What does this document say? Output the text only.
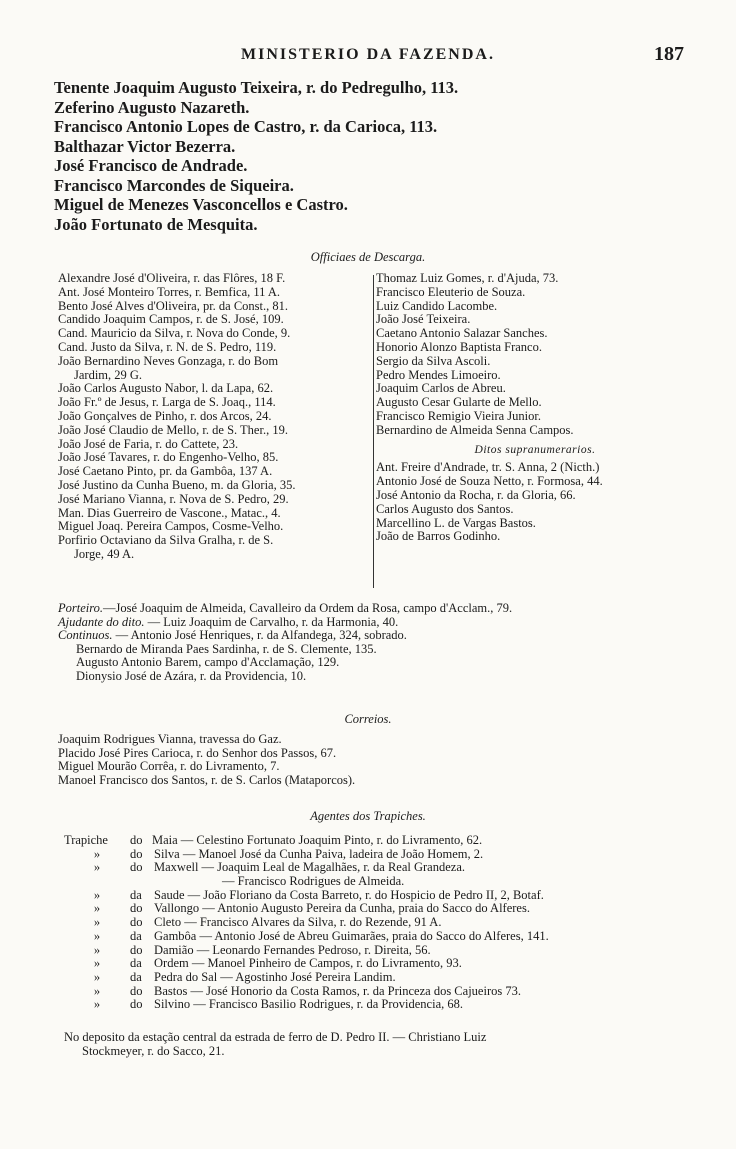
MINISTERIO DA FAZENDA.	187
Tenente Joaquim Augusto Teixeira, r. do Pedregulho, 113.
Zeferino Augusto Nazareth.
Francisco Antonio Lopes de Castro, r. da Carioca, 113.
Balthazar Victor Bezerra.
José Francisco de Andrade.
Francisco Marcondes de Siqueira.
Miguel de Menezes Vasconcellos e Castro.
João Fortunato de Mesquita.
Officiaes de Descarga.
Alexandre José d'Oliveira, r. das Flôres, 18 F.
Ant. José Monteiro Torres, r. Bemfica, 11 A.
Bento José Alves d'Oliveira, pr. da Const., 81.
Candido Joaquim Campos, r. de S. José, 109.
Cand. Mauricio da Silva, r. Nova do Conde, 9.
Cand. Justo da Silva, r. N. de S. Pedro, 119.
João Bernardino Neves Gonzaga, r. do Bom
Jardim, 29 G.
João Carlos Augusto Nabor, l. da Lapa, 62.
João Fr.º de Jesus, r. Larga de S. Joaq., 114.
João Gonçalves de Pinho, r. dos Arcos, 24.
João José Claudio de Mello, r. de S. Ther., 19.
João José de Faria, r. do Cattete, 23.
João José Tavares, r. do Engenho-Velho, 85.
José Caetano Pinto, pr. da Gambôa, 137 A.
José Justino da Cunha Bueno, m. da Gloria, 35.
José Mariano Vianna, r. Nova de S. Pedro, 29.
Man. Dias Guerreiro de Vascone., Matac., 4.
Miguel Joaq. Pereira Campos, Cosme-Velho.
Porfirio Octaviano da Silva Gralha, r. de S.
Jorge, 49 A.
Thomaz Luiz Gomes, r. d'Ajuda, 73.
Francisco Eleuterio de Souza.
Luiz Candido Lacombe.
João José Teixeira.
Caetano Antonio Salazar Sanches.
Honorio Alonzo Baptista Franco.
Sergio da Silva Ascoli.
Pedro Mendes Limoeiro.
Joaquim Carlos de Abreu.
Augusto Cesar Gularte de Mello.
Francisco Remigio Vieira Junior.
Bernardino de Almeida Senna Campos.
Ditos supranumerarios.
Ant. Freire d'Andrade, tr. S. Anna, 2 (Nicth.)
Antonio José de Souza Netto, r. Formosa, 44.
José Antonio da Rocha, r. da Gloria, 66.
Carlos Augusto dos Santos.
Marcellino L. de Vargas Bastos.
João de Barros Godinho.
Porteiro.—José Joaquim de Almeida, Cavalleiro da Ordem da Rosa, campo d'Acclam., 79.
Ajudante do dito. — Luiz Joaquim de Carvalho, r. da Harmonia, 40.
Continuos. — Antonio José Henriques, r. da Alfandega, 324, sobrado.
Bernardo de Miranda Paes Sardinha, r. de S. Clemente, 135.
Augusto Antonio Barem, campo d'Acclamação, 129.
Dionysio José de Azára, r. da Providencia, 10.
Correios.
Joaquim Rodrigues Vianna, travessa do Gaz.
Placido José Pires Carioca, r. do Senhor dos Passos, 67.
Miguel Mourão Corrêa, r. do Livramento, 7.
Manoel Francisco dos Santos, r. de S. Carlos (Mataporcos).
Agentes dos Trapiches.
Trapiche do Maia — Celestino Fortunato Joaquim Pinto, r. do Livramento, 62.
» do Silva — Manoel José da Cunha Paiva, ladeira de João Homem, 2.
» do Maxwell — Joaquim Leal de Magalhães, r. da Real Grandeza.
— Francisco Rodrigues de Almeida.
» da Saude — João Floriano da Costa Barreto, r. do Hospicio de Pedro II, 2, Botaf.
» do Vallongo — Antonio Augusto Pereira da Cunha, praia do Sacco do Alferes.
» do Cleto — Francisco Alvares da Silva, r. do Rezende, 91 A.
» da Gambôa — Antonio José de Abreu Guimarães, praia do Sacco do Alferes, 141.
» do Damião — Leonardo Fernandes Pedroso, r. Direita, 56.
» da Ordem — Manoel Pinheiro de Campos, r. do Livramento, 93.
» da Pedra do Sal — Agostinho José Pereira Landim.
» do Bastos — José Honorio da Costa Ramos, r. da Princeza dos Cajueiros 73.
» do Silvino — Francisco Basilio Rodrigues, r. da Providencia, 68.
No deposito da estação central da estrada de ferro de D. Pedro II. — Christiano Luiz
Stockmeyer, r. do Sacco, 21.
